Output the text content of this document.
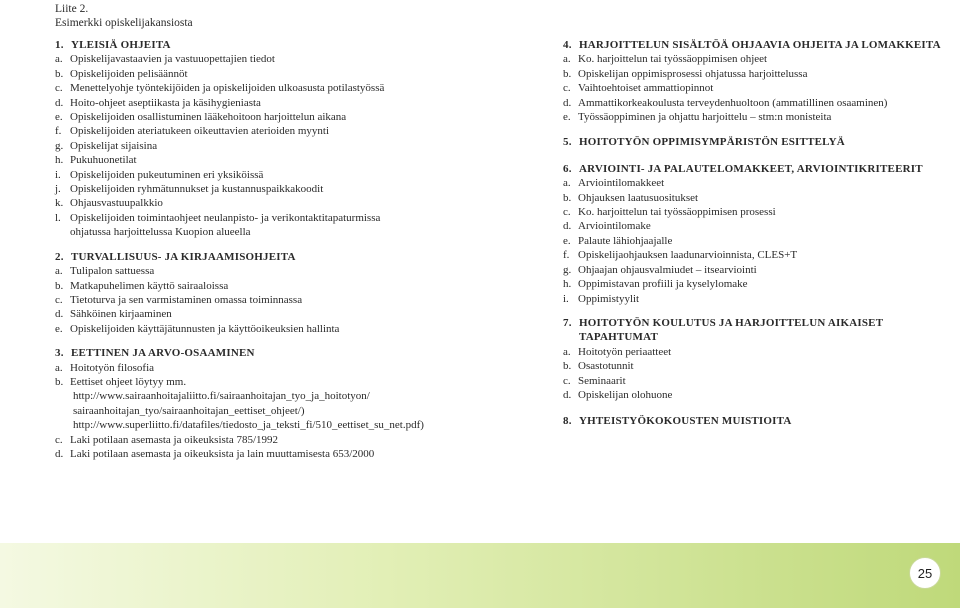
Liite 2.
Esimerkki opiskelijakansiosta
1. YLEISIÄ OHJEITA
a. Opiskelijavastaavien ja vastuuopettajien tiedot
b. Opiskelijoiden pelisäännöt
c. Menettelyohje työntekijöiden ja opiskelijoiden ulkoasusta potilastyössä
d. Hoito-ohjeet aseptiikasta ja käsihygieniasta
e. Opiskelijoiden osallistuminen lääkehoitoon harjoittelun aikana
f. Opiskelijoiden ateriatukeen oikeuttavien aterioiden myynti
g. Opiskelijat sijaisina
h. Pukuhuonetilat
i. Opiskelijoiden pukeutuminen eri yksiköissä
j. Opiskelijoiden ryhmätunnukset ja kustannuspaikkakoodit
k. Ohjausvastuupalkkio
l. Opiskelijoiden toimintaohjeet neulanpisto- ja verikontaktitapaturmissa
ohjatussa harjoittelussa Kuopion alueella
2. TURVALLISUUS- JA KIRJAAMISOHJEITA
a. Tulipalon sattuessa
b. Matkapuhelimen käyttö sairaaloissa
c. Tietoturva ja sen varmistaminen omassa toiminnassa
d. Sähköinen kirjaaminen
e. Opiskelijoiden käyttäjätunnusten ja käyttöoikeuksien hallinta
3. EETTINEN JA ARVO-OSAAMINEN
a. Hoitotyön filosofia
b. Eettiset ohjeet löytyy mm.
http://www.sairaanhoitajaliitto.fi/sairaanhoitajan_tyo_ja_hoitotyon/
sairaanhoitajan_tyo/sairaanhoitajan_eettiset_ohjeet/)
http://www.superliitto.fi/datafiles/tiedosto_ja_teksti_fi/510_eettiset_su_net.pdf)
c. Laki potilaan asemasta ja oikeuksista 785/1992
d. Laki potilaan asemasta ja oikeuksista ja lain muuttamisesta 653/2000
4. HARJOITTELUN SISÄLTÖÄ OHJAAVIA OHJEITA JA LOMAKKEITA
a. Ko. harjoittelun tai työssäoppimisen ohjeet
b. Opiskelijan oppimisprosessi ohjatussa harjoittelussa
c. Vaihtoehtoiset ammattiopinnot
d. Ammattikorkeakoulusta terveydenhuoltoon (ammatillinen osaaminen)
e. Työssäoppiminen ja ohjattu harjoittelu – stm:n monisteita
5. HOITOTYÖN OPPIMISYMPÄRISTÖN ESITTELYÄ
6. ARVIOINTI- JA PALAUTELOMAKKEET, ARVIOINTIKRITEERIT
a. Arviointilomakkeet
b. Ohjauksen laatusuositukset
c. Ko. harjoittelun tai työssäoppimisen prosessi
d. Arviointilomake
e. Palaute lähiohjaajalle
f. Opiskelijaohjauksen laadunarvioinnista, CLES+T
g. Ohjaajan ohjausvalmiudet – itsearviointi
h. Oppimistavan profiili ja kyselylomake
i. Oppimistyylit
7. HOITOTYÖN KOULUTUS JA HARJOITTELUN AIKAISET
TAPAHTUMAT
a. Hoitotyön periaatteet
b. Osastotunnit
c. Seminaarit
d. Opiskelijan olohuone
8. YHTEISTYÖKOKOUSTEN MUISTIOITA
25
